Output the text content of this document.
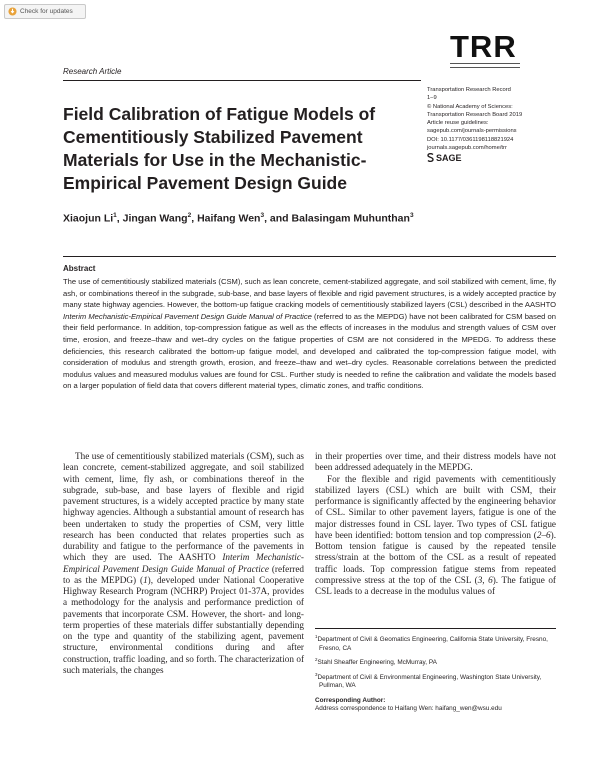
Check for updates
TRR
Research Article
Transportation Research Record
1–9
© National Academy of Sciences:
Transportation Research Board 2019
Article reuse guidelines:
sagepub.com/journals-permissions
DOI: 10.1177/0361198118821924
journals.sagepub.com/home/trr
SAGE
Field Calibration of Fatigue Models of Cementitiously Stabilized Pavement Materials for Use in the Mechanistic-Empirical Pavement Design Guide
Xiaojun Li$^1$, Jingan Wang$^2$, Haifang Wen$^3$, and Balasingam Muhunthan$^3$
Abstract
The use of cementitiously stabilized materials (CSM), such as lean concrete, cement-stabilized aggregate, and soil stabilized with cement, lime, fly ash, or combinations thereof in the subgrade, sub-base, and base layers of flexible and rigid pavement structures, is a widely accepted practice by many state highway agencies. However, the bottom-up fatigue cracking models of cementitiously stabilized layers (CSL) described in the AASHTO Interim Mechanistic-Empirical Pavement Design Guide Manual of Practice (referred to as the MEPDG) have not been calibrated for CSM based on their field performance. In addition, top-compression fatigue as well as the effects of increases in the modulus and strength values of CSM over time, erosion, and freeze–thaw and wet–dry cycles on the fatigue properties of CSM are not considered in the MPEDG. To address these deficiencies, this research calibrated the bottom-up fatigue model, and developed and calibrated the top-compression fatigue model, with consideration of modulus and strength growth, erosion, and freeze–thaw and wet–dry cycles. Reasonable correlations between the predicted modulus values and measured modulus values are found for CSL. Further study is needed to refine the calibration and validate the models based on a larger population of field data that covers different material types, climatic zones, and traffic conditions.

The use of cementitiously stabilized materials (CSM), such as lean concrete, cement-stabilized aggregate, and soil stabilized with cement, lime, fly ash, or combinations thereof in the subgrade, sub-base, and base layers of flexible and rigid pavement structures, is a widely accepted practice by many state highway agencies. Although a substantial amount of research has been undertaken to study the properties of CSM, very little research has been conducted that relates properties such as durability and fatigue to the performance of the pavements in which they are used. The AASHTO Interim Mechanistic-Empirical Pavement Design Guide Manual of Practice (referred to as the MEPDG) (1), developed under National Cooperative Highway Research Program (NCHRP) Project 01-37A, provides a methodology for the analysis and performance prediction of pavements that incorporate CSM. However, the short- and long-term properties of these materials differ substantially depending on the type and quantity of the stabilizing agent, pavement structure, environmental conditions during and after construction, traffic loading, and so forth. The characterization of such materials, the changes

in their properties over time, and their distress models have not been addressed adequately in the MEPDG.

For the flexible and rigid pavements with cementitiously stabilized layers (CSL) which are built with CSM, their performance is significantly affected by the engineering behavior of CSL. Similar to other pavement layers, fatigue is one of the major distresses found in CSL layer. Two types of CSL fatigue have been identified: bottom tension and top compression (2–6). Bottom tension fatigue is caused by the repeated tensile stress/strain at the bottom of the CSL as a result of repeated traffic loads. Top compression fatigue stems from repeated compressive stress at the top of the CSL (3, 6). The fatigue of CSL leads to a decrease in the modulus values of

$^1$Department of Civil & Geomatics Engineering, California State University, Fresno, Fresno, CA
$^2$Stahl Sheaffer Engineering, McMurray, PA
$^3$Department of Civil & Environmental Engineering, Washington State University, Pullman, WA
Corresponding Author:
Address correspondence to Haifang Wen: haifang_wen@wsu.edu
